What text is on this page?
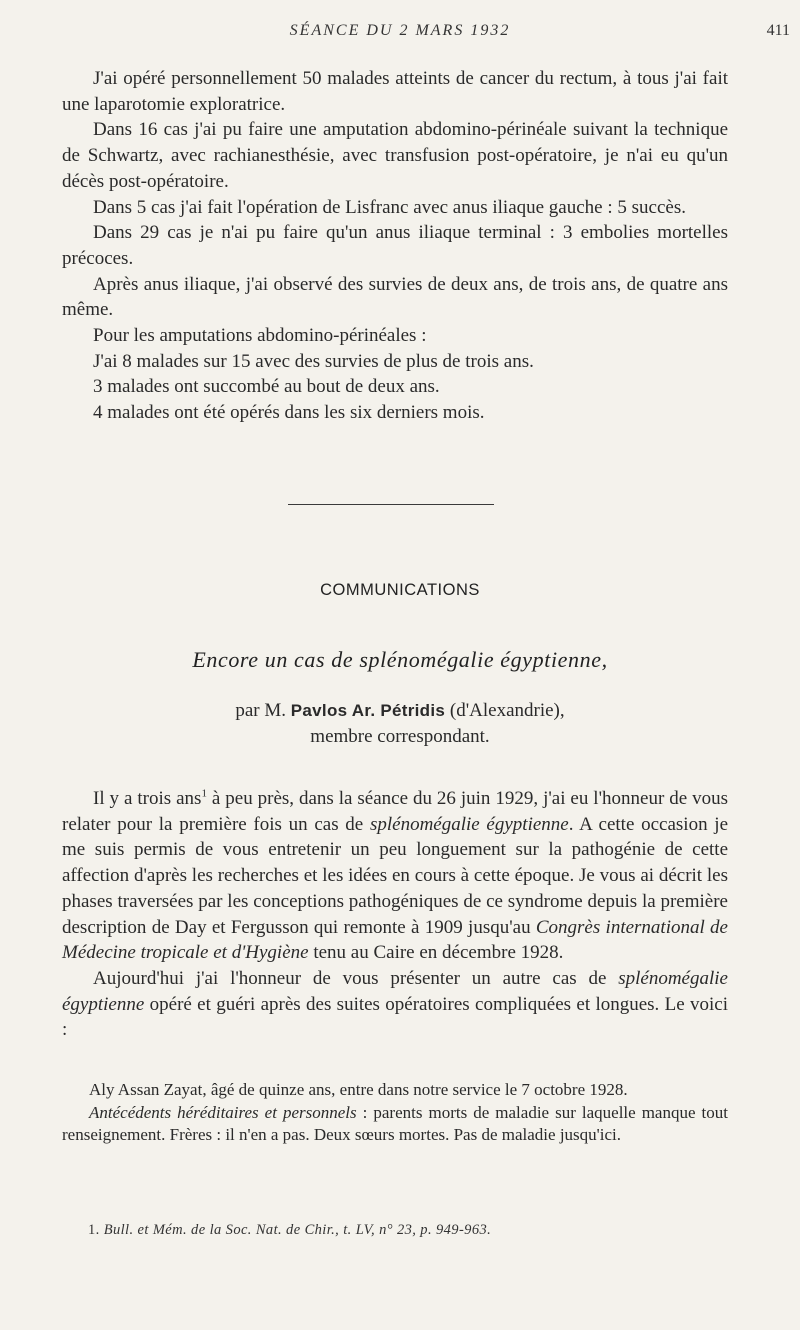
SÉANCE DU 2 MARS 1932	411

J'ai opéré personnellement 50 malades atteints de cancer du rectum, à tous j'ai fait une laparotomie exploratrice.

Dans 16 cas j'ai pu faire une amputation abdomino-périnéale suivant la technique de Schwartz, avec rachianesthésie, avec transfusion post-opératoire, je n'ai eu qu'un décès post-opératoire.

Dans 5 cas j'ai fait l'opération de Lisfranc avec anus iliaque gauche : 5 succès.

Dans 29 cas je n'ai pu faire qu'un anus iliaque terminal : 3 embolies mortelles précoces.

Après anus iliaque, j'ai observé des survies de deux ans, de trois ans, de quatre ans même.

Pour les amputations abdomino-périnéales :

J'ai 8 malades sur 15 avec des survies de plus de trois ans.

3 malades ont succombé au bout de deux ans.

4 malades ont été opérés dans les six derniers mois.

COMMUNICATIONS
Encore un cas de splénomégalie égyptienne,
par M. Pavlos Ar. Pétridis (d'Alexandrie),
membre correspondant.

Il y a trois ans$^1$ à peu près, dans la séance du 26 juin 1929, j'ai eu l'honneur de vous relater pour la première fois un cas de splénomégalie égyptienne. A cette occasion je me suis permis de vous entretenir un peu longuement sur la pathogénie de cette affection d'après les recherches et les idées en cours à cette époque. Je vous ai décrit les phases traversées par les conceptions pathogéniques de ce syndrome depuis la première description de Day et Fergusson qui remonte à 1909 jusqu'au Congrès international de Médecine tropicale et d'Hygiène tenu au Caire en décembre 1928.

Aujourd'hui j'ai l'honneur de vous présenter un autre cas de splénomégalie égyptienne opéré et guéri après des suites opératoires compliquées et longues. Le voici :

Aly Assan Zayat, âgé de quinze ans, entre dans notre service le 7 octobre 1928.

Antécédents héréditaires et personnels : parents morts de maladie sur laquelle manque tout renseignement. Frères : il n'en a pas. Deux sœurs mortes. Pas de maladie jusqu'ici.

1. Bull. et Mém. de la Soc. Nat. de Chir., t. LV, n° 23, p. 949-963.
